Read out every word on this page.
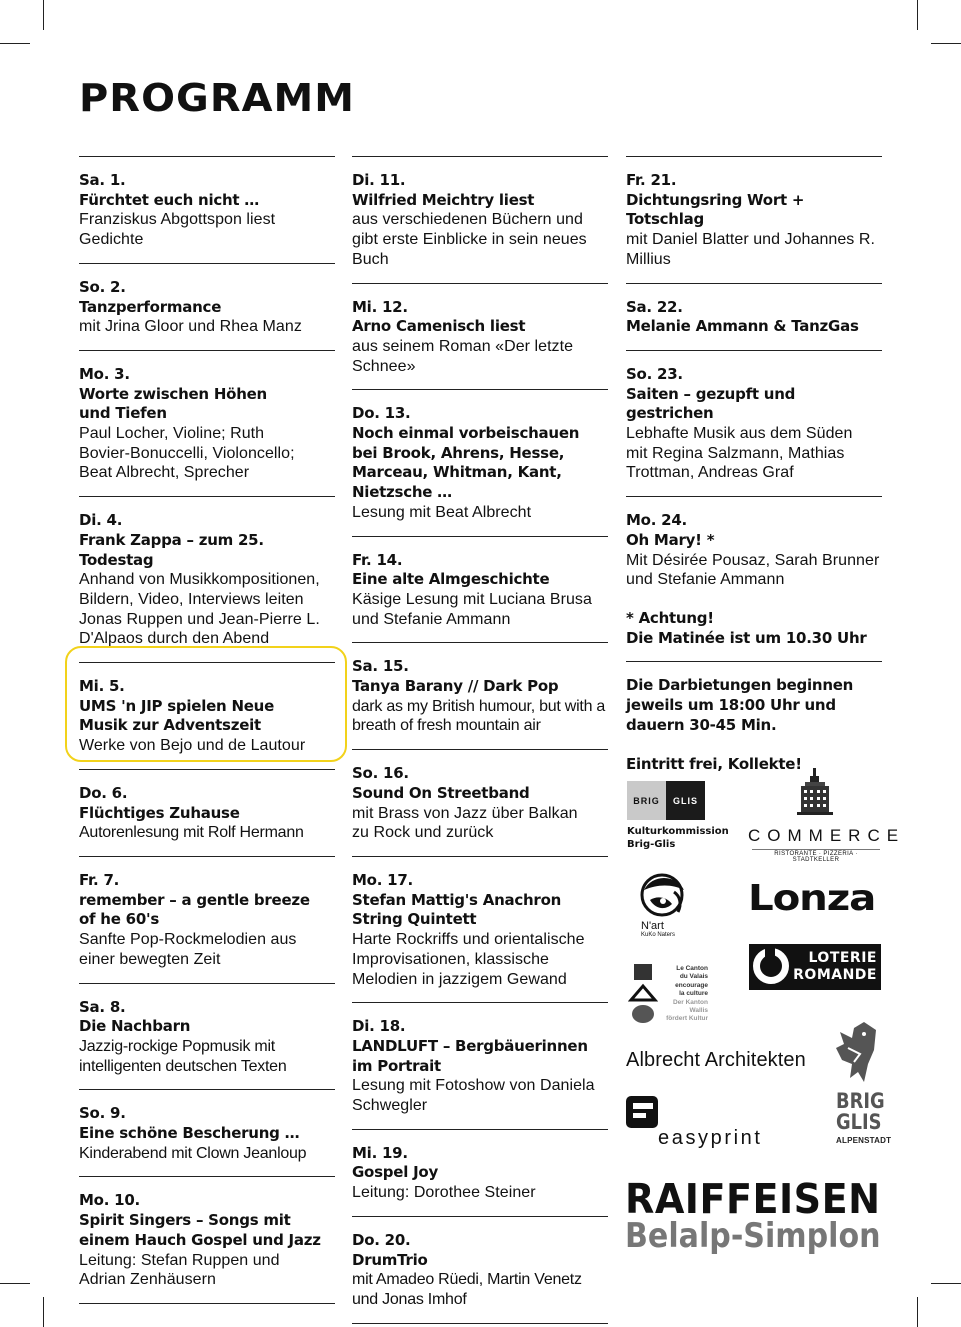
PROGRAMM
Sa. 1.
Fürchtet euch nicht …
Franziskus Abgottspon liest Gedichte
So. 2.
Tanzperformance
mit Jrina Gloor und Rhea Manz
Mo. 3.
Worte zwischen Höhen und Tiefen
Paul Locher, Violine; Ruth Bovier-Bonuccelli, Violoncello; Beat Albrecht, Sprecher
Di. 4.
Frank Zappa – zum 25. Todestag
Anhand von Musikkompositionen, Bildern, Video, Interviews leiten Jonas Ruppen und Jean-Pierre L. D'Alpaos durch den Abend
Mi. 5.
UMS 'n JIP spielen Neue Musik zur Adventszeit
Werke von Bejo und de Lautour
Do. 6.
Flüchtiges Zuhause
Autorenlesung mit Rolf Hermann
Fr. 7.
remember – a gentle breeze of he 60's
Sanfte Pop-Rockmelodien aus einer bewegten Zeit
Sa. 8.
Die Nachbarn
Jazzig-rockige Popmusik mit intelligenten deutschen Texten
So. 9.
Eine schöne Bescherung …
Kinderabend mit Clown Jeanloup
Mo. 10.
Spirit Singers – Songs mit einem Hauch Gospel und Jazz
Leitung: Stefan Ruppen und Adrian Zenhäusern
Di. 11.
Wilfried Meichtry liest
aus verschiedenen Büchern und gibt erste Einblicke in sein neues Buch
Mi. 12.
Arno Camenisch liest
aus seinem Roman «Der letzte Schnee»
Do. 13.
Noch einmal vorbeischauen bei Brook, Ahrens, Hesse, Marceau, Whitman, Kant, Nietzsche …
Lesung mit Beat Albrecht
Fr. 14.
Eine alte Almgeschichte
Käsige Lesung mit Luciana Brusa und Stefanie Ammann
Sa. 15.
Tanya Barany // Dark Pop
dark as my British humour, but with a breath of fresh mountain air
So. 16.
Sound On Streetband
mit Brass von Jazz über Balkan zu Rock und zurück
Mo. 17.
Stefan Mattig's Anachron String Quintett
Harte Rockriffs und orientalische Improvisationen, klassische Melodien in jazzigem Gewand
Di. 18.
LANDLUFT – Bergbäuerinnen im Portrait
Lesung mit Fotoshow von Daniela Schwegler
Mi. 19.
Gospel Joy
Leitung: Dorothee Steiner
Do. 20.
DrumTrio
mit Amadeo Rüedi, Martin Venetz und Jonas Imhof
Fr. 21.
Dichtungsring Wort + Totschlag
mit Daniel Blatter und Johannes R. Millius
Sa. 22.
Melanie Ammann & TanzGas
So. 23.
Saiten – gezupft und gestrichen
Lebhafte Musik aus dem Süden mit Regina Salzmann, Mathias Trottman, Andreas Graf
Mo. 24.
Oh Mary! *
Mit Désirée Pousaz, Sarah Brunner und Stefanie Ammann
* Achtung!
Die Matinée ist um 10.30 Uhr
Die Darbietungen beginnen jeweils um 18:00 Uhr und dauern 30-45 Min.
Eintritt frei, Kollekte!
BRIG	GLIS
Kulturkommission Brig-Glis	COMMERCE
RISTORANTE · PIZZERIA · STADTKELLER
N'art
KuKo Naters
Lonza
LOTERIE
ROMANDE
Le Canton
du Valais
encourage
la culture
Der Kanton
Wallis
fördert Kultur
Albrecht Architekten
easyprint
BRIG
GLIS
ALPENSTADT
RAIFFEISEN
Belalp-Simplon
